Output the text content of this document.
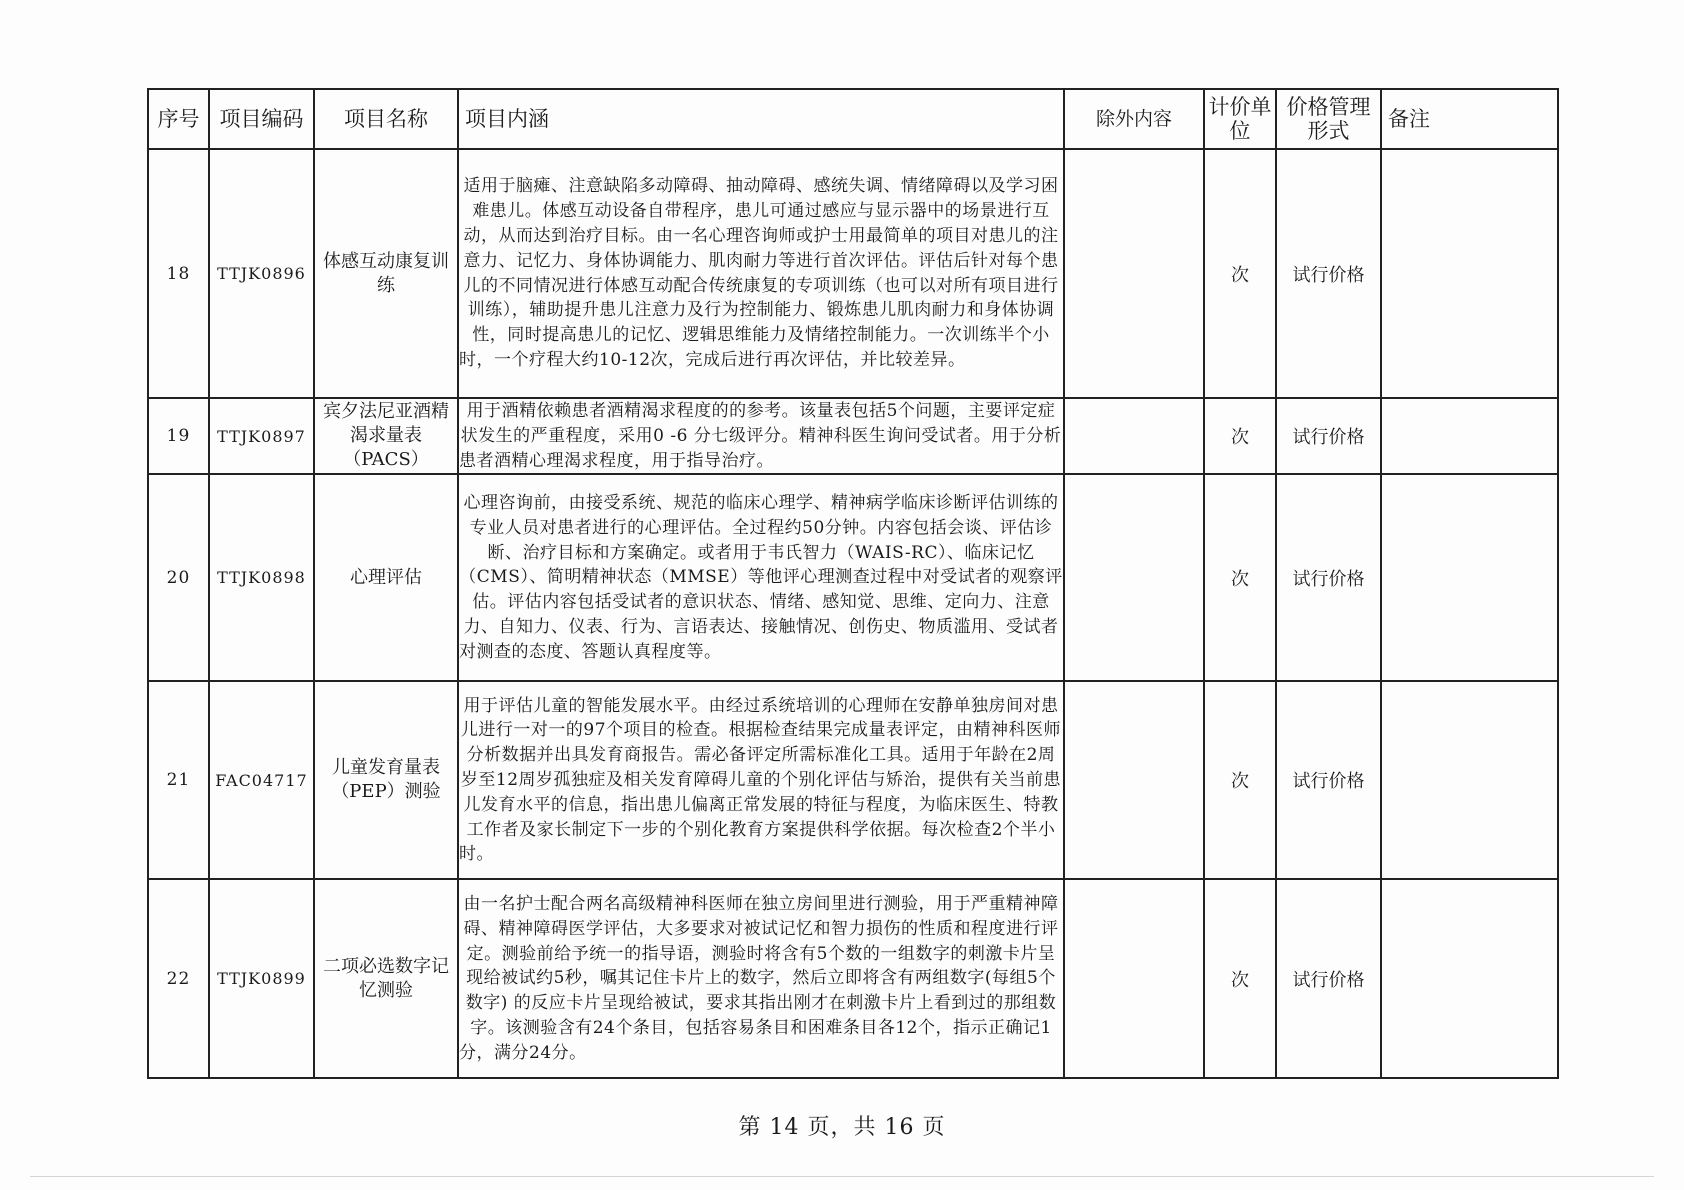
序号	项目编码	项目名称	项目内涵	除外内容	计价单位	价格管理形式	备注
18	TTJK0896	体感互动康复训练	适用于脑瘫、注意缺陷多动障碍、抽动障碍、感统失调、情绪障碍以及学习困难患儿。体感互动设备自带程序，患儿可通过感应与显示器中的场景进行互动，从而达到治疗目标。由一名心理咨询师或护士用最简单的项目对患儿的注意力、记忆力、身体协调能力、肌肉耐力等进行首次评估。评估后针对每个患儿的不同情况进行体感互动配合传统康复的专项训练（也可以对所有项目进行训练），辅助提升患儿注意力及行为控制能力、锻炼患儿肌肉耐力和身体协调性，同时提高患儿的记忆、逻辑思维能力及情绪控制能力。一次训练半个小时，一个疗程大约10-12次，完成后进行再次评估，并比较差异。		次	试行价格	
19	TTJK0897	宾夕法尼亚酒精渴求量表（PACS）	用于酒精依赖患者酒精渴求程度的的参考。该量表包括5个问题，主要评定症状发生的严重程度，采用0 -6 分七级评分。精神科医生询问受试者。用于分析患者酒精心理渴求程度，用于指导治疗。		次	试行价格	
20	TTJK0898	心理评估	心理咨询前，由接受系统、规范的临床心理学、精神病学临床诊断评估训练的专业人员对患者进行的心理评估。全过程约50分钟。内容包括会谈、评估诊断、治疗目标和方案确定。或者用于韦氏智力（WAIS-RC）、临床记忆（CMS）、简明精神状态（MMSE）等他评心理测查过程中对受试者的观察评估。评估内容包括受试者的意识状态、情绪、感知觉、思维、定向力、注意力、自知力、仪表、行为、言语表达、接触情况、创伤史、物质滥用、受试者对测查的态度、答题认真程度等。		次	试行价格	
21	FAC04717	儿童发育量表（PEP）测验	用于评估儿童的智能发展水平。由经过系统培训的心理师在安静单独房间对患儿进行一对一的97个项目的检查。根据检查结果完成量表评定，由精神科医师分析数据并出具发育商报告。需必备评定所需标准化工具。适用于年龄在2周岁至12周岁孤独症及相关发育障碍儿童的个别化评估与矫治，提供有关当前患儿发育水平的信息，指出患儿偏离正常发展的特征与程度，为临床医生、特教工作者及家长制定下一步的个别化教育方案提供科学依据。每次检查2个半小时。		次	试行价格	
22	TTJK0899	二项必选数字记忆测验	由一名护士配合两名高级精神科医师在独立房间里进行测验，用于严重精神障碍、精神障碍医学评估，大多要求对被试记忆和智力损伤的性质和程度进行评定。测验前给予统一的指导语，测验时将含有5个数的一组数字的刺激卡片呈现给被试约5秒，嘱其记住卡片上的数字，然后立即将含有两组数字(每组5个数字) 的反应卡片呈现给被试，要求其指出刚才在刺激卡片上看到过的那组数字。该测验含有24个条目，包括容易条目和困难条目各12个，指示正确记1分，满分24分。		次	试行价格	
第 14 页，共 16 页
